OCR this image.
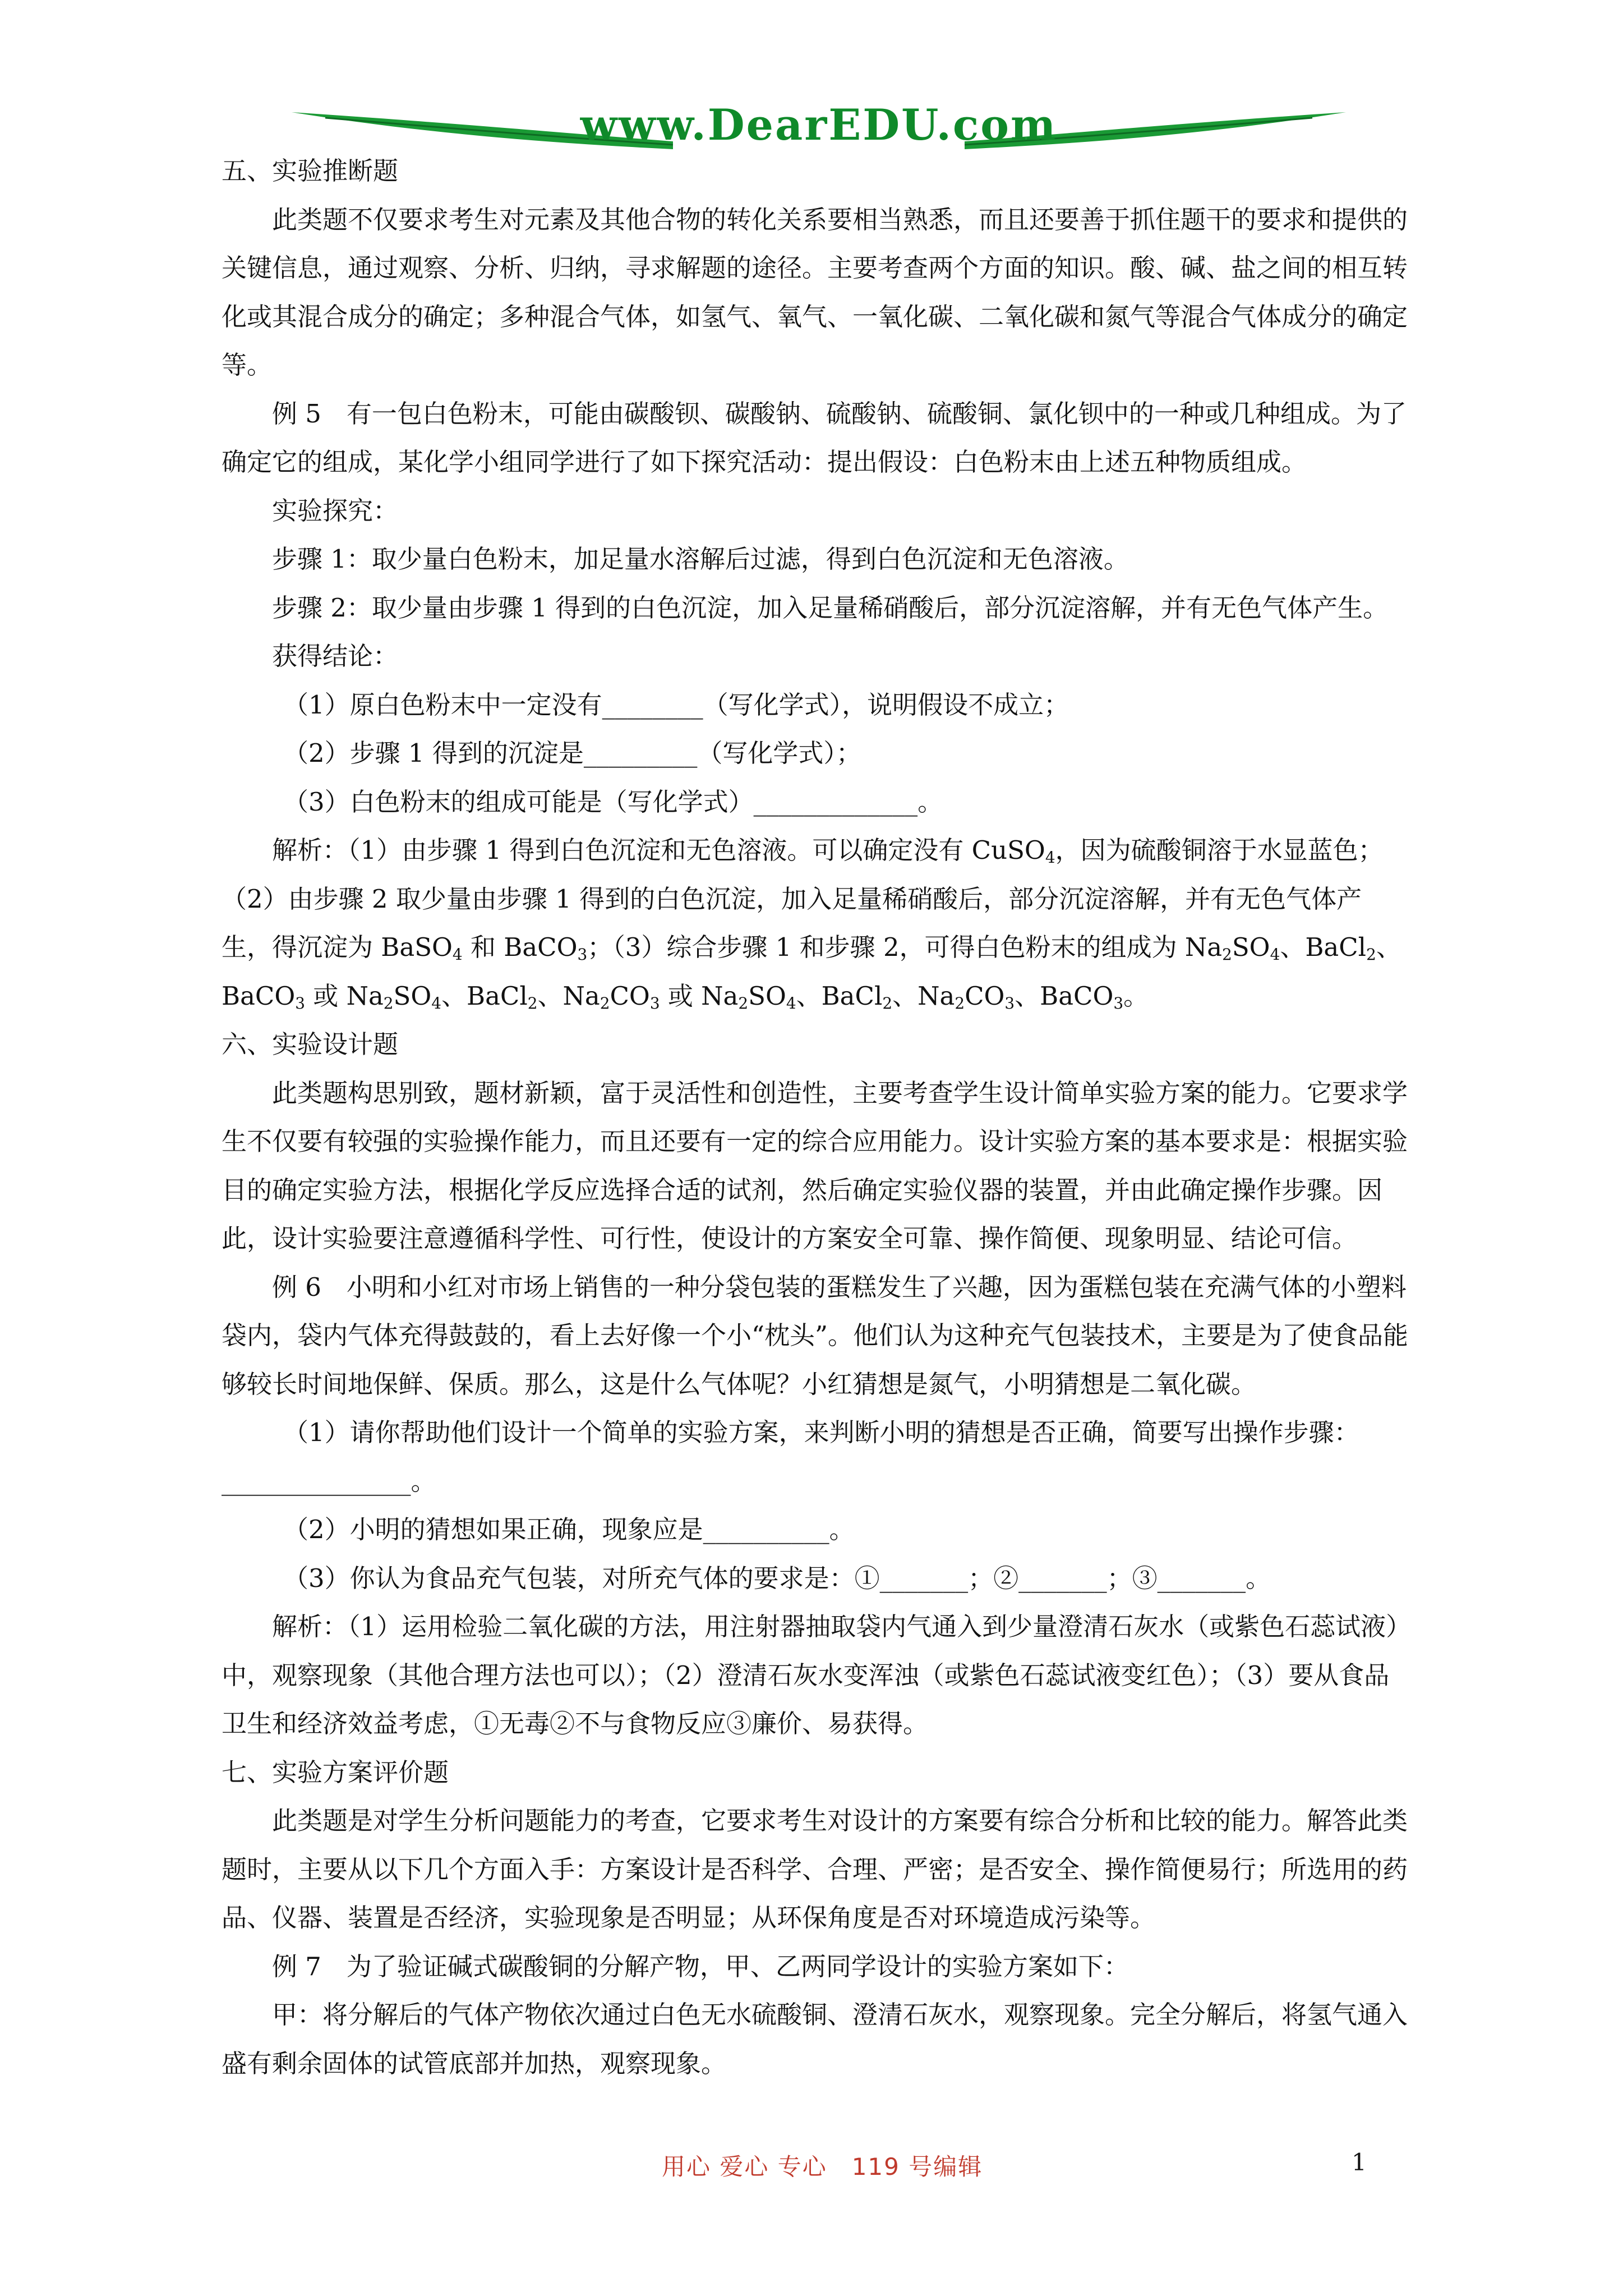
www.DearEDU.com

五、实验推断题

此类题不仅要求考生对元素及其他合物的转化关系要相当熟悉，而且还要善于抓住题干的要求和提供的关键信息，通过观察、分析、归纳，寻求解题的途径。主要考查两个方面的知识。酸、碱、盐之间的相互转化或其混合成分的确定；多种混合气体，如氢气、氧气、一氧化碳、二氧化碳和氮气等混合气体成分的确定等。

例 5　有一包白色粉末，可能由碳酸钡、碳酸钠、硫酸钠、硫酸铜、氯化钡中的一种或几种组成。为了确定它的组成，某化学小组同学进行了如下探究活动：提出假设：白色粉末由上述五种物质组成。

实验探究：

步骤 1：取少量白色粉末，加足量水溶解后过滤，得到白色沉淀和无色溶液。

步骤 2：取少量由步骤 1 得到的白色沉淀，加入足量稀硝酸后，部分沉淀溶解，并有无色气体产生。

获得结论：

（1）原白色粉末中一定没有________（写化学式），说明假设不成立；

（2）步骤 1 得到的沉淀是_________（写化学式）；

（3）白色粉末的组成可能是（写化学式）_____________。

解析：（1）由步骤 1 得到白色沉淀和无色溶液。可以确定没有 CuSO$_4$，因为硫酸铜溶于水显蓝色；（2）由步骤 2 取少量由步骤 1 得到的白色沉淀，加入足量稀硝酸后，部分沉淀溶解，并有无色气体产生，得沉淀为 BaSO$_4$ 和 BaCO$_3$；（3）综合步骤 1 和步骤 2，可得白色粉末的组成为 $Na_2SO_4$、BaCl$_2$、BaCO$_3$ 或 $Na_2SO_4$、BaCl$_2$、$Na_2CO_3$ 或 $Na_2SO_4$、BaCl$_2$、$Na_2CO_3$、BaCO$_3$。

六、实验设计题

此类题构思别致，题材新颖，富于灵活性和创造性，主要考查学生设计简单实验方案的能力。它要求学生不仅要有较强的实验操作能力，而且还要有一定的综合应用能力。设计实验方案的基本要求是：根据实验目的确定实验方法，根据化学反应选择合适的试剂，然后确定实验仪器的装置，并由此确定操作步骤。因此，设计实验要注意遵循科学性、可行性，使设计的方案安全可靠、操作简便、现象明显、结论可信。

例 6　小明和小红对市场上销售的一种分袋包装的蛋糕发生了兴趣，因为蛋糕包装在充满气体的小塑料袋内，袋内气体充得鼓鼓的，看上去好像一个小“枕头”。他们认为这种充气包装技术，主要是为了使食品能够较长时间地保鲜、保质。那么，这是什么气体呢？小红猜想是氮气，小明猜想是二氧化碳。

（1）请你帮助他们设计一个简单的实验方案，来判断小明的猜想是否正确，简要写出操作步骤：_______________。

（2）小明的猜想如果正确，现象应是__________。

（3）你认为食品充气包装，对所充气体的要求是：①_______；②_______；③_______。

解析：（1）运用检验二氧化碳的方法，用注射器抽取袋内气通入到少量澄清石灰水（或紫色石蕊试液）中，观察现象（其他合理方法也可以）；（2）澄清石灰水变浑浊（或紫色石蕊试液变红色）；（3）要从食品卫生和经济效益考虑，①无毒②不与食物反应③廉价、易获得。

七、实验方案评价题

此类题是对学生分析问题能力的考查，它要求考生对设计的方案要有综合分析和比较的能力。解答此类题时，主要从以下几个方面入手：方案设计是否科学、合理、严密；是否安全、操作简便易行；所选用的药品、仪器、装置是否经济，实验现象是否明显；从环保角度是否对环境造成污染等。

例 7　为了验证碱式碳酸铜的分解产物，甲、乙两同学设计的实验方案如下：

甲：将分解后的气体产物依次通过白色无水硫酸铜、澄清石灰水，观察现象。完全分解后，将氢气通入盛有剩余固体的试管底部并加热，观察现象。

用心 爱心 专心　119 号编辑	1
